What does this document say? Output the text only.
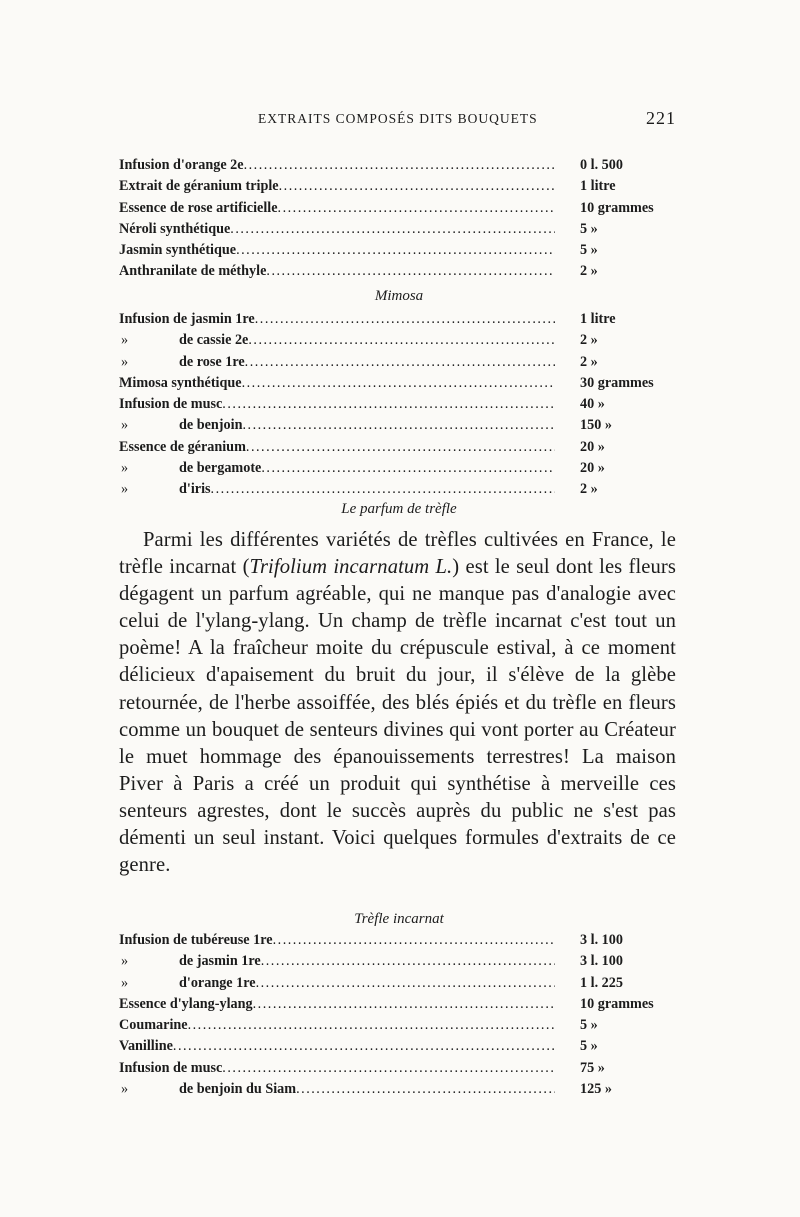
EXTRAITS COMPOSÉS DITS BOUQUETS	221
Infusion d'orange 2e .....	0 l. 500
Extrait de géranium triple .....	1 litre
Essence de rose artificielle .....	10 grammes
Néroli synthétique .....	5 »
Jasmin synthétique .....	5 »
Anthranilate de méthyle .....	2 »
Mimosa
Infusion de jasmin 1re .....	1 litre
»	de cassie 2e .....	2 »
»	de rose 1re .....	2 »
Mimosa synthétique .....	30 grammes
Infusion de musc .....	40 »
»	de benjoin .....	150 »
Essence de géranium .....	20 »
»	de bergamote .....	20 »
»	d'iris .....	2 »
Le parfum de trèfle
Parmi les différentes variétés de trèfles cultivées en France, le trèfle incarnat (Trifolium incarnatum L.) est le seul dont les fleurs dégagent un parfum agréable, qui ne manque pas d'analogie avec celui de l'ylang-ylang. Un champ de trèfle incarnat c'est tout un poème! A la fraîcheur moite du crépuscule estival, à ce moment délicieux d'apaisement du bruit du jour, il s'élève de la glèbe retournée, de l'herbe assoiffée, des blés épiés et du trèfle en fleurs comme un bouquet de senteurs divines qui vont porter au Créateur le muet hommage des épanouissements terrestres! La maison Piver à Paris a créé un produit qui synthétise à merveille ces senteurs agrestes, dont le succès auprès du public ne s'est pas démenti un seul instant. Voici quelques formules d'extraits de ce genre.
Trèfle incarnat
Infusion de tubéreuse 1re .....	3 l. 100
»	de jasmin 1re .....	3 l. 100
»	d'orange 1re .....	1 l. 225
Essence d'ylang-ylang .....	10 grammes
Coumarine .....	5 »
Vanilline .....	5 »
Infusion de musc .....	75 »
»	de benjoin du Siam .....	125 »
